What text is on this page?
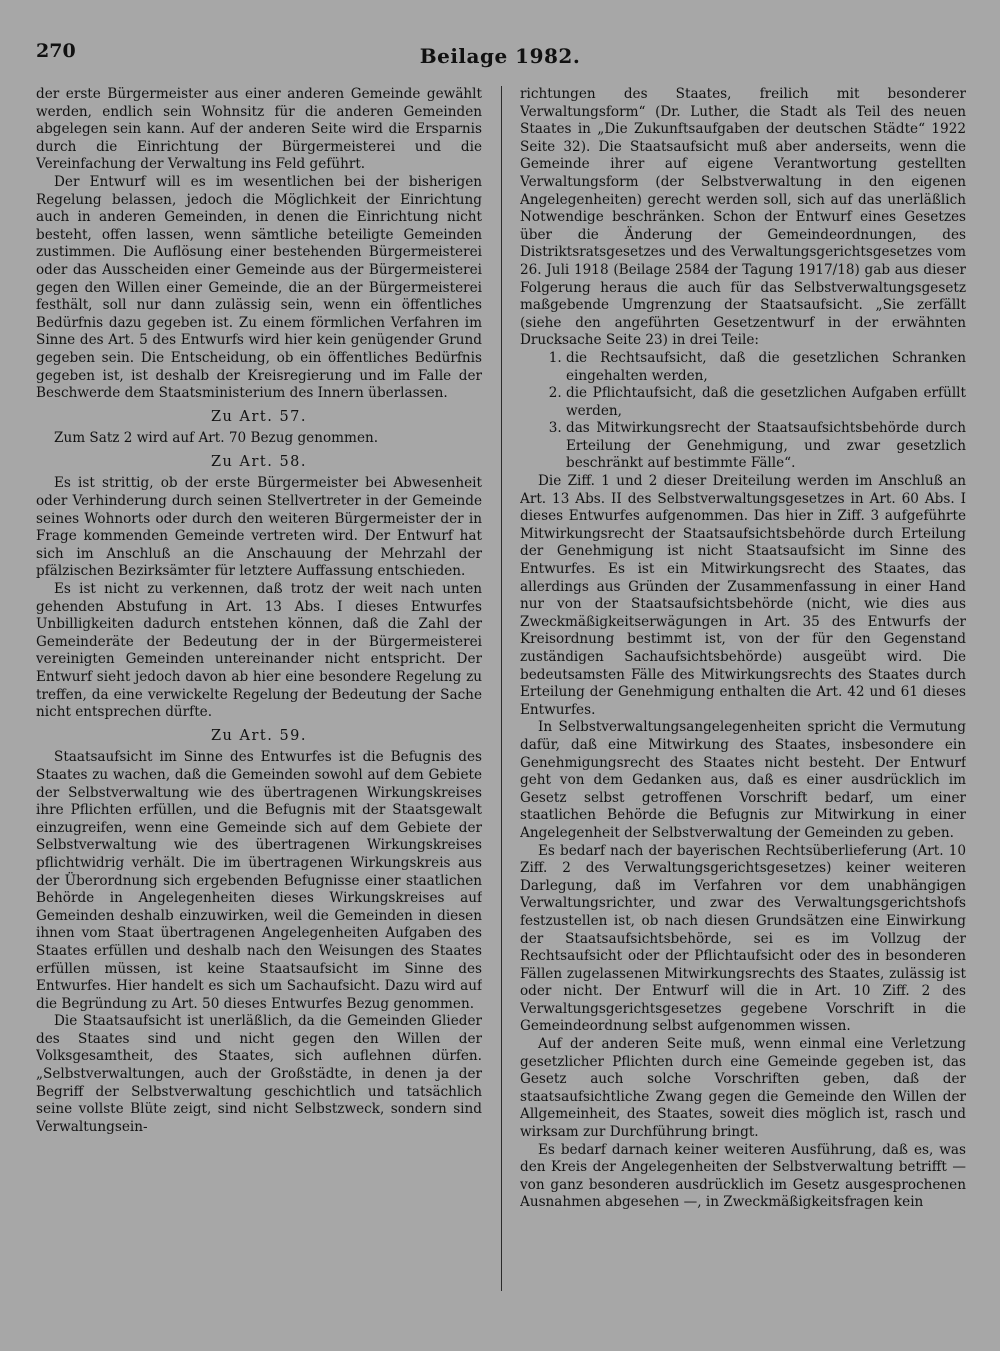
270	Beilage 1982.

der erste Bürgermeister aus einer anderen Gemeinde gewählt werden, endlich sein Wohnsitz für die anderen Gemeinden abgelegen sein kann. Auf der anderen Seite wird die Ersparnis durch die Einrichtung der Bürgermeisterei und die Vereinfachung der Verwaltung ins Feld geführt.

Der Entwurf will es im wesentlichen bei der bisherigen Regelung belassen, jedoch die Möglichkeit der Einrichtung auch in anderen Gemeinden, in denen die Einrichtung nicht besteht, offen lassen, wenn sämtliche beteiligte Gemeinden zustimmen. Die Auflösung einer bestehenden Bürgermeisterei oder das Ausscheiden einer Gemeinde aus der Bürgermeisterei gegen den Willen einer Gemeinde, die an der Bürgermeisterei festhält, soll nur dann zulässig sein, wenn ein öffentliches Bedürfnis dazu gegeben ist. Zu einem förmlichen Verfahren im Sinne des Art. 5 des Entwurfs wird hier kein genügender Grund gegeben sein. Die Entscheidung, ob ein öffentliches Bedürfnis gegeben ist, ist deshalb der Kreisregierung und im Falle der Beschwerde dem Staatsministerium des Innern überlassen.

Zu Art. 57.

Zum Satz 2 wird auf Art. 70 Bezug genommen.

Zu Art. 58.

Es ist strittig, ob der erste Bürgermeister bei Abwesenheit oder Verhinderung durch seinen Stellvertreter in der Gemeinde seines Wohnorts oder durch den weiteren Bürgermeister der in Frage kommenden Gemeinde vertreten wird. Der Entwurf hat sich im Anschluß an die Anschauung der Mehrzahl der pfälzischen Bezirksämter für letztere Auffassung entschieden.

Es ist nicht zu verkennen, daß trotz der weit nach unten gehenden Abstufung in Art. 13 Abs. I dieses Entwurfes Unbilligkeiten dadurch entstehen können, daß die Zahl der Gemeinderäte der Bedeutung der in der Bürgermeisterei vereinigten Gemeinden untereinander nicht entspricht. Der Entwurf sieht jedoch davon ab hier eine besondere Regelung zu treffen, da eine verwickelte Regelung der Bedeutung der Sache nicht entsprechen dürfte.

Zu Art. 59.

Staatsaufsicht im Sinne des Entwurfes ist die Befugnis des Staates zu wachen, daß die Gemeinden sowohl auf dem Gebiete der Selbstverwaltung wie des übertragenen Wirkungskreises ihre Pflichten erfüllen, und die Befugnis mit der Staatsgewalt einzugreifen, wenn eine Gemeinde sich auf dem Gebiete der Selbstverwaltung wie des übertragenen Wirkungskreises pflichtwidrig verhält. Die im übertragenen Wirkungskreis aus der Überordnung sich ergebenden Befugnisse einer staatlichen Behörde in Angelegenheiten dieses Wirkungskreises auf Gemeinden deshalb einzuwirken, weil die Gemeinden in diesen ihnen vom Staat übertragenen Angelegenheiten Aufgaben des Staates erfüllen und deshalb nach den Weisungen des Staates erfüllen müssen, ist keine Staatsaufsicht im Sinne des Entwurfes. Hier handelt es sich um Sachaufsicht. Dazu wird auf die Begründung zu Art. 50 dieses Entwurfes Bezug genommen.

Die Staatsaufsicht ist unerläßlich, da die Gemeinden Glieder des Staates sind und nicht gegen den Willen der Volksgesamtheit, des Staates, sich auflehnen dürfen. „Selbstverwaltungen, auch der Großstädte, in denen ja der Begriff der Selbstverwaltung geschichtlich und tatsächlich seine vollste Blüte zeigt, sind nicht Selbstzweck, sondern sind Verwaltungsein-

richtungen des Staates, freilich mit besonderer Verwaltungsform“ (Dr. Luther, die Stadt als Teil des neuen Staates in „Die Zukunftsaufgaben der deutschen Städte“ 1922 Seite 32). Die Staatsaufsicht muß aber anderseits, wenn die Gemeinde ihrer auf eigene Verantwortung gestellten Verwaltungsform (der Selbstverwaltung in den eigenen Angelegenheiten) gerecht werden soll, sich auf das unerläßlich Notwendige beschränken. Schon der Entwurf eines Gesetzes über die Änderung der Gemeindeordnungen, des Distriktsratsgesetzes und des Verwaltungsgerichtsgesetzes vom 26. Juli 1918 (Beilage 2584 der Tagung 1917/18) gab aus dieser Folgerung heraus die auch für das Selbstverwaltungsgesetz maßgebende Umgrenzung der Staatsaufsicht. „Sie zerfällt (siehe den angeführten Gesetzentwurf in der erwähnten Drucksache Seite 23) in drei Teile:

1. die Rechtsaufsicht, daß die gesetzlichen Schranken eingehalten werden,
2. die Pflichtaufsicht, daß die gesetzlichen Aufgaben erfüllt werden,
3. das Mitwirkungsrecht der Staatsaufsichtsbehörde durch Erteilung der Genehmigung, und zwar gesetzlich beschränkt auf bestimmte Fälle“.

Die Ziff. 1 und 2 dieser Dreiteilung werden im Anschluß an Art. 13 Abs. II des Selbstverwaltungsgesetzes in Art. 60 Abs. I dieses Entwurfes aufgenommen. Das hier in Ziff. 3 aufgeführte Mitwirkungsrecht der Staatsaufsichtsbehörde durch Erteilung der Genehmigung ist nicht Staatsaufsicht im Sinne des Entwurfes. Es ist ein Mitwirkungsrecht des Staates, das allerdings aus Gründen der Zusammenfassung in einer Hand nur von der Staatsaufsichtsbehörde (nicht, wie dies aus Zweckmäßigkeitserwägungen in Art. 35 des Entwurfs der Kreisordnung bestimmt ist, von der für den Gegenstand zuständigen Sachaufsichtsbehörde) ausgeübt wird. Die bedeutsamsten Fälle des Mitwirkungsrechts des Staates durch Erteilung der Genehmigung enthalten die Art. 42 und 61 dieses Entwurfes.

In Selbstverwaltungsangelegenheiten spricht die Vermutung dafür, daß eine Mitwirkung des Staates, insbesondere ein Genehmigungsrecht des Staates nicht besteht. Der Entwurf geht von dem Gedanken aus, daß es einer ausdrücklich im Gesetz selbst getroffenen Vorschrift bedarf, um einer staatlichen Behörde die Befugnis zur Mitwirkung in einer Angelegenheit der Selbstverwaltung der Gemeinden zu geben.

Es bedarf nach der bayerischen Rechtsüberlieferung (Art. 10 Ziff. 2 des Verwaltungsgerichtsgesetzes) keiner weiteren Darlegung, daß im Verfahren vor dem unabhängigen Verwaltungsrichter, und zwar des Verwaltungsgerichtshofs festzustellen ist, ob nach diesen Grundsätzen eine Einwirkung der Staatsaufsichtsbehörde, sei es im Vollzug der Rechtsaufsicht oder der Pflichtaufsicht oder des in besonderen Fällen zugelassenen Mitwirkungsrechts des Staates, zulässig ist oder nicht. Der Entwurf will die in Art. 10 Ziff. 2 des Verwaltungsgerichtsgesetzes gegebene Vorschrift in die Gemeindeordnung selbst aufgenommen wissen.

Auf der anderen Seite muß, wenn einmal eine Verletzung gesetzlicher Pflichten durch eine Gemeinde gegeben ist, das Gesetz auch solche Vorschriften geben, daß der staatsaufsichtliche Zwang gegen die Gemeinde den Willen der Allgemeinheit, des Staates, soweit dies möglich ist, rasch und wirksam zur Durchführung bringt.

Es bedarf darnach keiner weiteren Ausführung, daß es, was den Kreis der Angelegenheiten der Selbstverwaltung betrifft — von ganz besonderen ausdrücklich im Gesetz ausgesprochenen Ausnahmen abgesehen —, in Zweckmäßigkeitsfragen kein
